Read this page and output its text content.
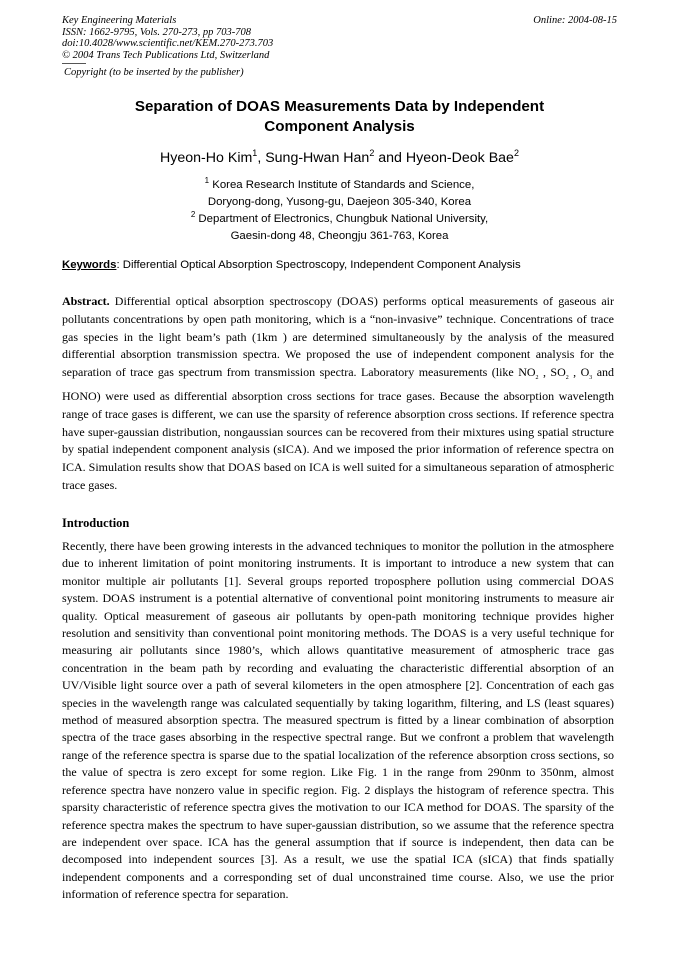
Key Engineering Materials
ISSN: 1662-9795, Vols. 270-273, pp 703-708
doi:10.4028/www.scientific.net/KEM.270-273.703
© 2004 Trans Tech Publications Ltd, Switzerland
Online: 2004-08-15
Copyright (to be inserted by the publisher)
Separation of DOAS Measurements Data by Independent
Component Analysis
Hyeon-Ho Kim$^1$, Sung-Hwan Han$^2$ and Hyeon-Deok Bae$^2$
$^1$ Korea Research Institute of Standards and Science,
Doryong-dong, Yusong-gu, Daejeon 305-340, Korea
$^2$ Department of Electronics, Chungbuk National University,
Gaesin-dong 48, Cheongju 361-763, Korea
Keywords: Differential Optical Absorption Spectroscopy, Independent Component Analysis
Abstract. Differential optical absorption spectroscopy (DOAS) performs optical measurements of gaseous air pollutants concentrations by open path monitoring, which is a “non-invasive” technique. Concentrations of trace gas species in the light beam’s path (1km ) are determined simultaneously by the analysis of the measured differential absorption transmission spectra. We proposed the use of independent component analysis for the separation of trace gas spectrum from transmission spectra. Laboratory measurements (like $NO_2$ , $SO_2$ , $O_3$ and HONO) were used as differential absorption cross sections for trace gases. Because the absorption wavelength range of trace gases is different, we can use the sparsity of reference absorption cross sections. If reference spectra have super-gaussian distribution, nongaussian sources can be recovered from their mixtures using spatial structure by spatial independent component analysis (sICA). And we imposed the prior information of reference spectra on ICA. Simulation results show that DOAS based on ICA is well suited for a simultaneous separation of atmospheric trace gases.
Introduction
Recently, there have been growing interests in the advanced techniques to monitor the pollution in the atmosphere due to inherent limitation of point monitoring instruments. It is important to introduce a new system that can monitor multiple air pollutants [1]. Several groups reported troposphere pollution using commercial DOAS system. DOAS instrument is a potential alternative of conventional point monitoring instruments to measure air quality. Optical measurement of gaseous air pollutants by open-path monitoring technique provides higher resolution and sensitivity than conventional point monitoring methods. The DOAS is a very useful technique for measuring air pollutants since 1980’s, which allows quantitative measurement of atmospheric trace gas concentration in the beam path by recording and evaluating the characteristic differential absorption of an UV/Visible light source over a path of several kilometers in the open atmosphere [2]. Concentration of each gas species in the wavelength range was calculated sequentially by taking logarithm, filtering, and LS (least squares) method of measured absorption spectra. The measured spectrum is fitted by a linear combination of absorption spectra of the trace gases absorbing in the respective spectral range. But we confront a problem that wavelength range of the reference spectra is sparse due to the spatial localization of the reference absorption cross sections, so the value of spectra is zero except for some region. Like Fig. 1 in the range from 290nm to 350nm, almost reference spectra have nonzero value in specific region. Fig. 2 displays the histogram of reference spectra. This sparsity characteristic of reference spectra gives the motivation to our ICA method for DOAS. The sparsity of the reference spectra makes the spectrum to have super-gaussian distribution, so we assume that the reference spectra are independent over space. ICA has the general assumption that if source is independent, then data can be decomposed into independent sources [3]. As a result, we use the spatial ICA (sICA) that finds spatially independent components and a corresponding set of dual unconstrained time course. Also, we use the prior information of reference spectra for separation.
